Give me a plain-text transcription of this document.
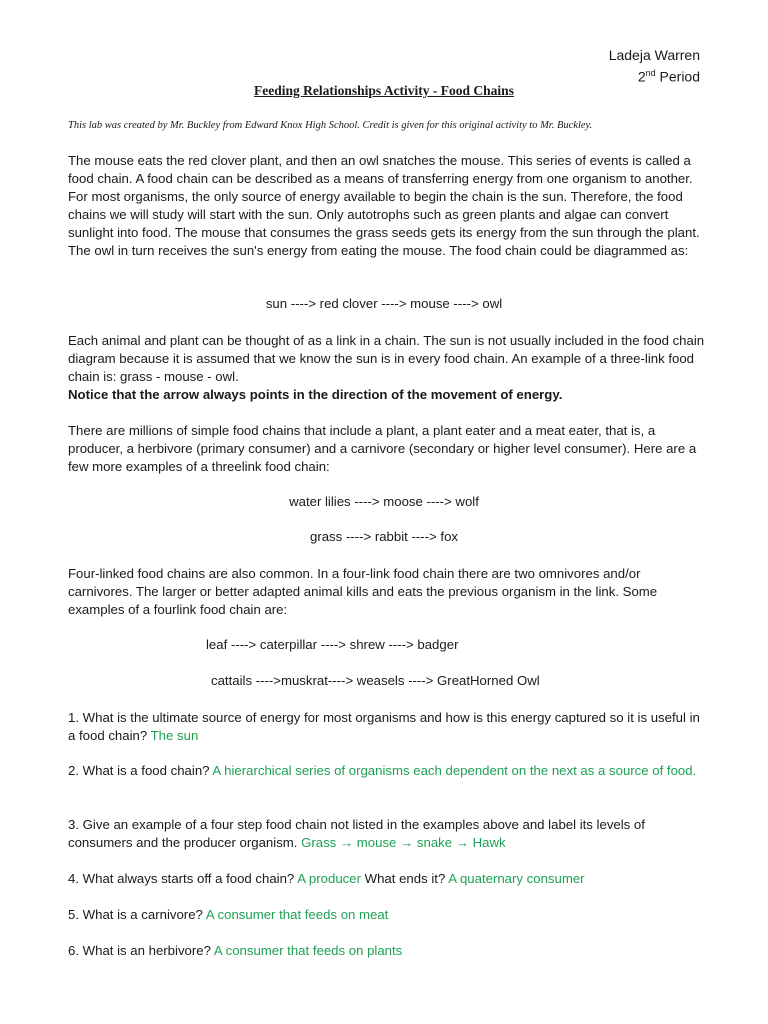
Ladeja Warren
2nd Period
Feeding Relationships Activity - Food Chains
This lab was created by Mr. Buckley from Edward Knox High School. Credit is given for this original activity to Mr. Buckley.

The mouse eats the red clover plant, and then an owl snatches the mouse. This series of events is called a food chain. A food chain can be described as a means of transferring energy from one organism to another. For most organisms, the only source of energy available to begin the chain is the sun. Therefore, the food chains we will study will start with the sun. Only autotrophs such as green plants and algae can convert sunlight into food. The mouse that consumes the grass seeds gets its energy from the sun through the plant. The owl in turn receives the sun's energy from eating the mouse. The food chain could be diagrammed as:

sun ----> red clover ----> mouse ----> owl

Each animal and plant can be thought of as a link in a chain. The sun is not usually included in the food chain diagram because it is assumed that we know the sun is in every food chain. An example of a three-link food chain is: grass - mouse - owl.
Notice that the arrow always points in the direction of the movement of energy.

There are millions of simple food chains that include a plant, a plant eater and a meat eater, that is, a producer, a herbivore (primary consumer) and a carnivore (secondary or higher level consumer). Here are a few more examples of a threelink food chain:

water lilies ----> moose ----> wolf

grass ----> rabbit ----> fox

Four-linked food chains are also common. In a four-link food chain there are two omnivores and/or carnivores. The larger or better adapted animal kills and eats the previous organism in the link. Some examples of a fourlink food chain are:

leaf ----> caterpillar ----> shrew ----> badger

cattails ---->muskrat----> weasels ----> GreatHorned Owl

1. What is the ultimate source of energy for most organisms and how is this energy captured so it is useful in a food chain? The sun

2. What is a food chain? A hierarchical series of organisms each dependent on the next as a source of food.

3. Give an example of a four step food chain not listed in the examples above and label its levels of consumers and the producer organism. Grass → mouse → snake → Hawk

4. What always starts off a food chain? A producer What ends it? A quaternary consumer

5. What is a carnivore? A consumer that feeds on meat

6. What is an herbivore? A consumer that feeds on plants
